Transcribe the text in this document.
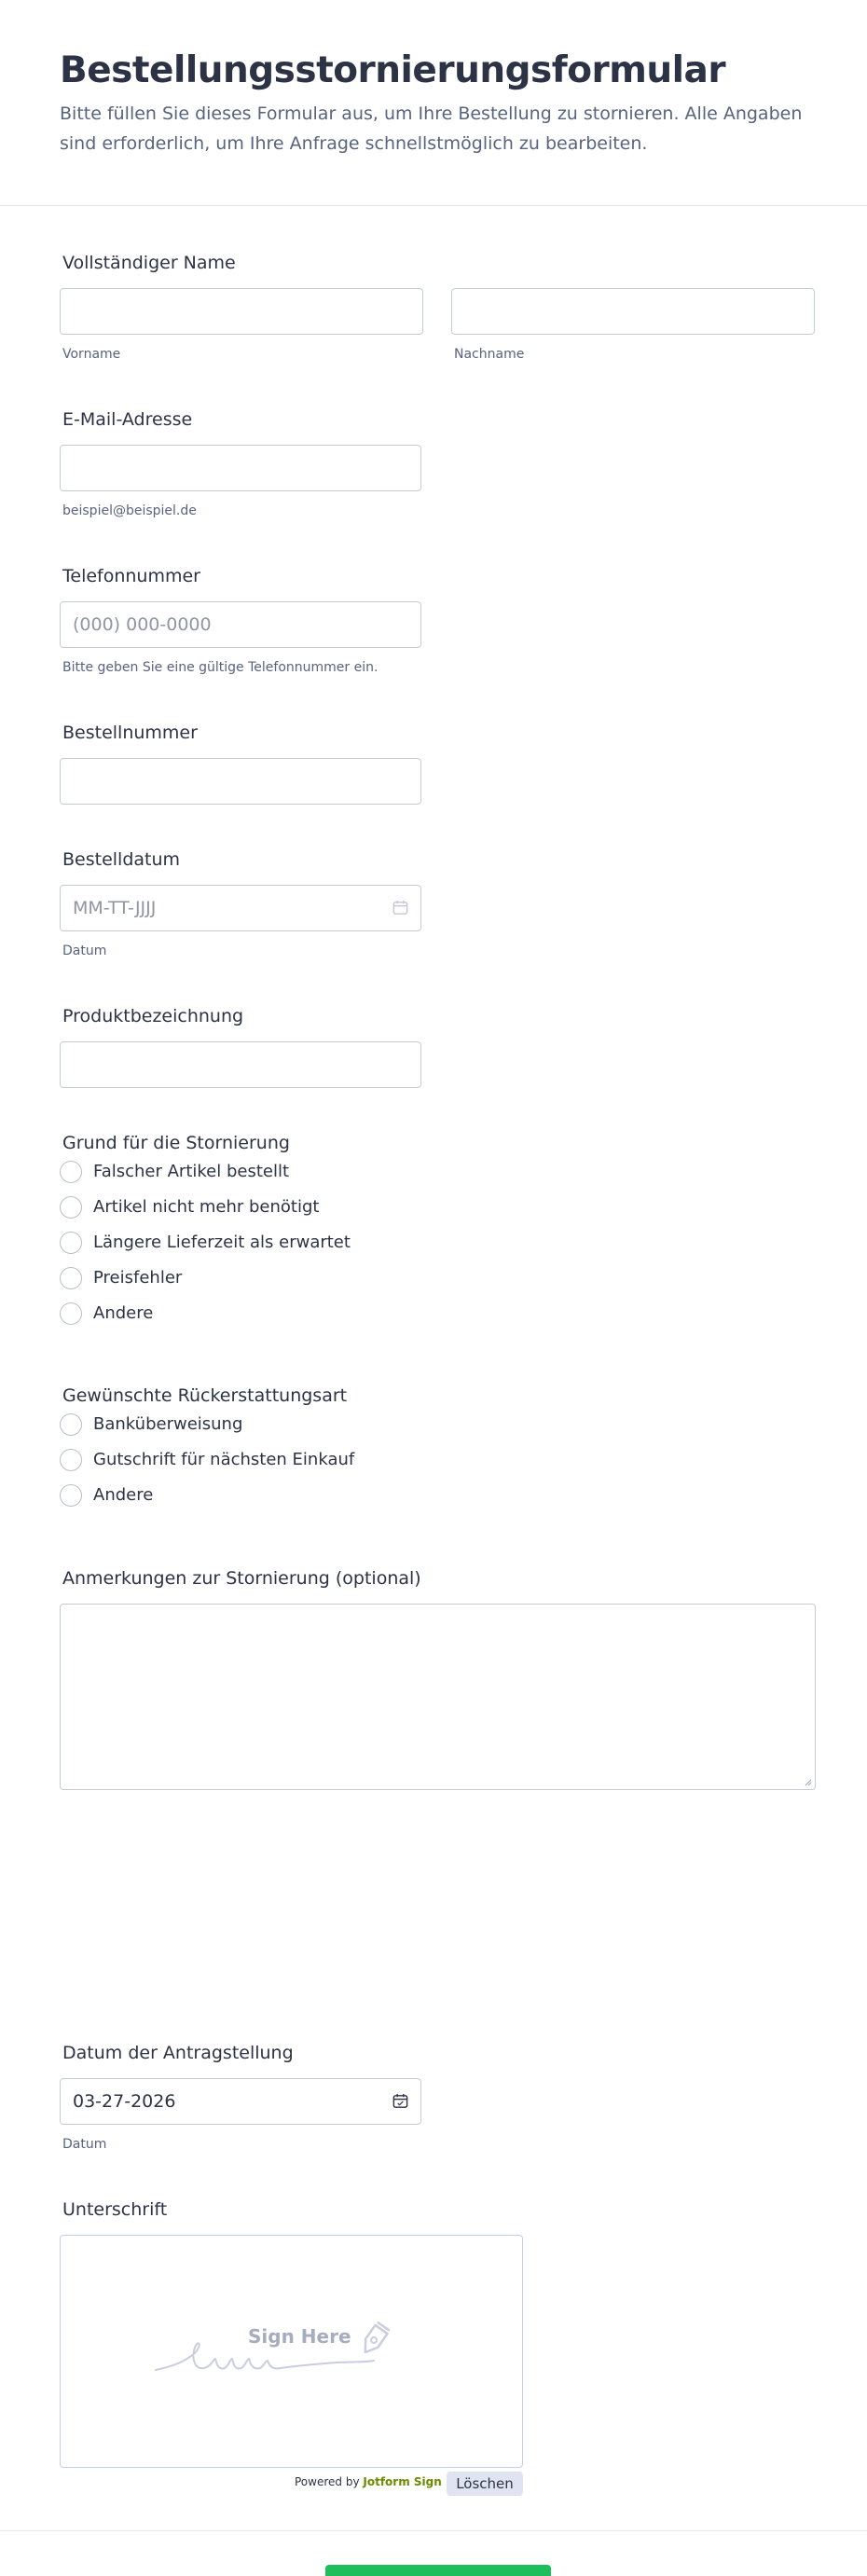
Bestellungsstornierungsformular

Bitte füllen Sie dieses Formular aus, um Ihre Bestellung zu stornieren. Alle Angaben sind erforderlich, um Ihre Anfrage schnellstmöglich zu bearbeiten.

Vollständiger Name
Vorname	Nachname
E-Mail-Adresse
beispiel@beispiel.de
Telefonnummer
(000) 000-0000
Bitte geben Sie eine gültige Telefonnummer ein.
Bestellnummer
Bestelldatum
MM-TT-JJJJ
Datum
Produktbezeichnung
Grund für die Stornierung
Falscher Artikel bestellt
Artikel nicht mehr benötigt
Längere Lieferzeit als erwartet
Preisfehler
Andere
Gewünschte Rückerstattungsart
Banküberweisung
Gutschrift für nächsten Einkauf
Andere
Anmerkungen zur Stornierung (optional)
Datum der Antragstellung
03-27-2026
Datum
Unterschrift
Sign Here
Powered by Jotform Sign	Löschen
